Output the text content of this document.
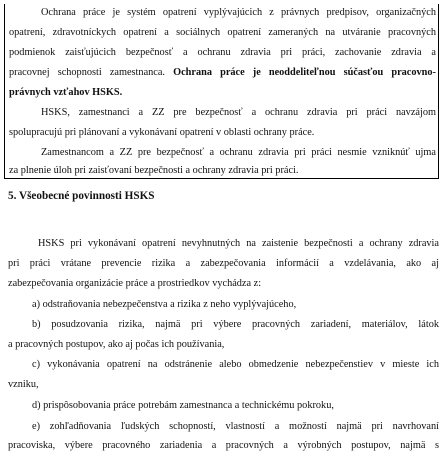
Ochrana práce je systém opatrení vyplývajúcich z právnych predpisov, organizačných

opatrení, zdravotníckych opatrení a sociálnych opatrení zameraných na utváranie pracovných

podmienok zaisťujúcich bezpečnosť a ochranu zdravia pri práci, zachovanie zdravia a

pracovnej schopnosti zamestnanca. Ochrana práce je neoddeliteľnou súčasťou pracovno-

právnych vzťahov HSKS.

HSKS, zamestnanci a ZZ pre bezpečnosť a ochranu zdravia pri práci navzájom

spolupracujú pri plánovaní a vykonávaní opatrení v oblasti ochrany práce.

Zamestnancom a ZZ pre bezpečnosť a ochranu zdravia pri práci nesmie vzniknúť ujma

za plnenie úloh pri zaisťovaní bezpečnosti a ochrany zdravia pri práci.

5. Všeobecné povinnosti HSKS

HSKS pri vykonávaní opatrení nevyhnutných na zaistenie bezpečnosti a ochrany zdravia

pri práci vrátane prevencie rizika a zabezpečovania informácií a vzdelávania, ako aj

zabezpečovania organizácie práce a prostriedkov vychádza z:

a) odstraňovania nebezpečenstva a rizika z neho vyplývajúceho,

b) posudzovania rizika, najmä pri výbere pracovných zariadení, materiálov, látok

a pracovných postupov, ako aj počas ich používania,

c) vykonávania opatrení na odstránenie alebo obmedzenie nebezpečenstiev v mieste ich

vzniku,

d) prispôsobovania práce potrebám zamestnanca a technickému pokroku,

e) zohľadňovania ľudských schopností, vlastností a možností najmä pri navrhovaní

pracoviska, výbere pracovného zariadenia a pracovných a výrobných postupov, najmä s
